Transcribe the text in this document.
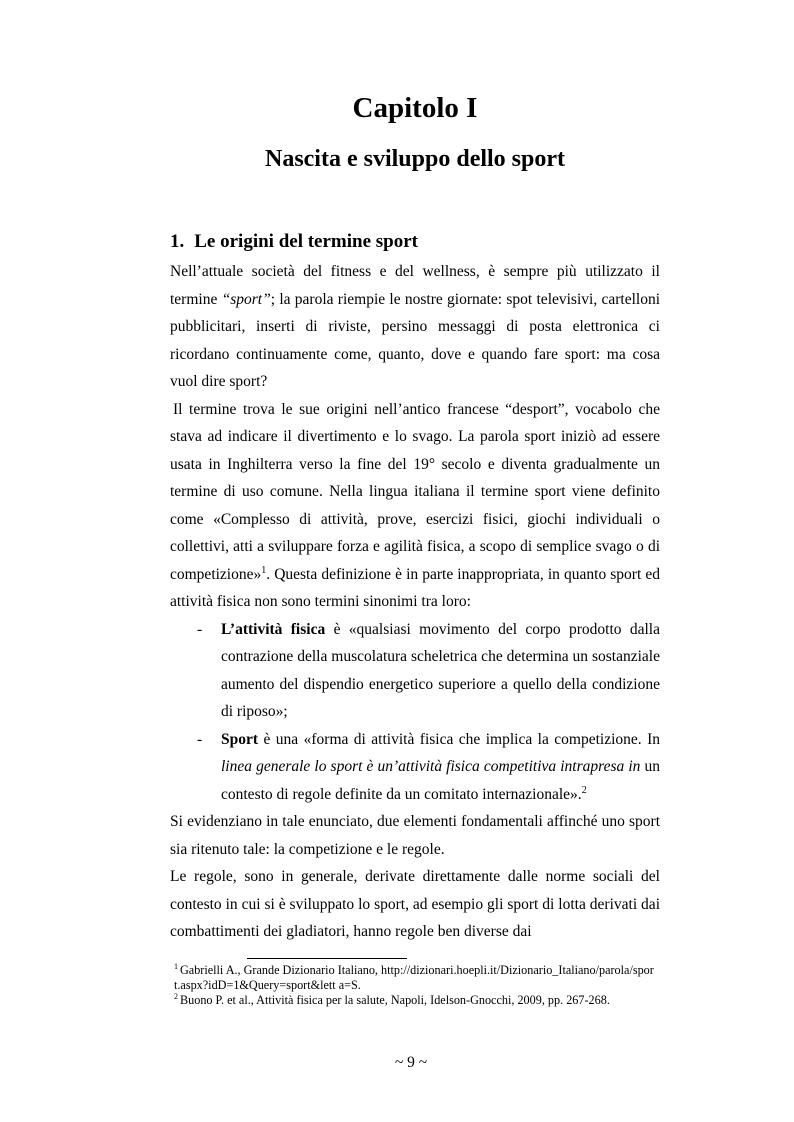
Capitolo I
Nascita e sviluppo dello sport
1. Le origini del termine sport

Nell’attuale società del fitness e del wellness, è sempre più utilizzato il termine “sport”; la parola riempie le nostre giornate: spot televisivi, cartelloni pubblicitari, inserti di riviste, persino messaggi di posta elettronica ci ricordano continuamente come, quanto, dove e quando fare sport: ma cosa vuol dire sport?

Il termine trova le sue origini nell’antico francese “desport”, vocabolo che stava ad indicare il divertimento e lo svago. La parola sport iniziò ad essere usata in Inghilterra verso la fine del 19° secolo e diventa gradualmente un termine di uso comune. Nella lingua italiana il termine sport viene definito come «Complesso di attività, prove, esercizi fisici, giochi individuali o collettivi, atti a sviluppare forza e agilità fisica, a scopo di semplice svago o di competizione»$^1$. Questa definizione è in parte inappropriata, in quanto sport ed attività fisica non sono termini sinonimi tra loro:

- L’attività fisica è «qualsiasi movimento del corpo prodotto dalla contrazione della muscolatura scheletrica che determina un sostanziale aumento del dispendio energetico superiore a quello della condizione di riposo»;
- Sport è una «forma di attività fisica che implica la competizione. In linea generale lo sport è un’attività fisica competitiva intrapresa in un contesto di regole definite da un comitato internazionale».$^2$

Si evidenziano in tale enunciato, due elementi fondamentali affinché uno sport sia ritenuto tale: la competizione e le regole.

Le regole, sono in generale, derivate direttamente dalle norme sociali del contesto in cui si è sviluppato lo sport, ad esempio gli sport di lotta derivati dai combattimenti dei gladiatori, hanno regole ben diverse dai

$^1$ Gabrielli A., Grande Dizionario Italiano, http://dizionari.hoepli.it/Dizionario_Italiano/parola/sport.aspx?idD=1&Query=sport&lett a=S.

$^2$ Buono P. et al., Attività fisica per la salute, Napoli, Idelson-Gnocchi, 2009, pp. 267-268.

~ 9 ~
